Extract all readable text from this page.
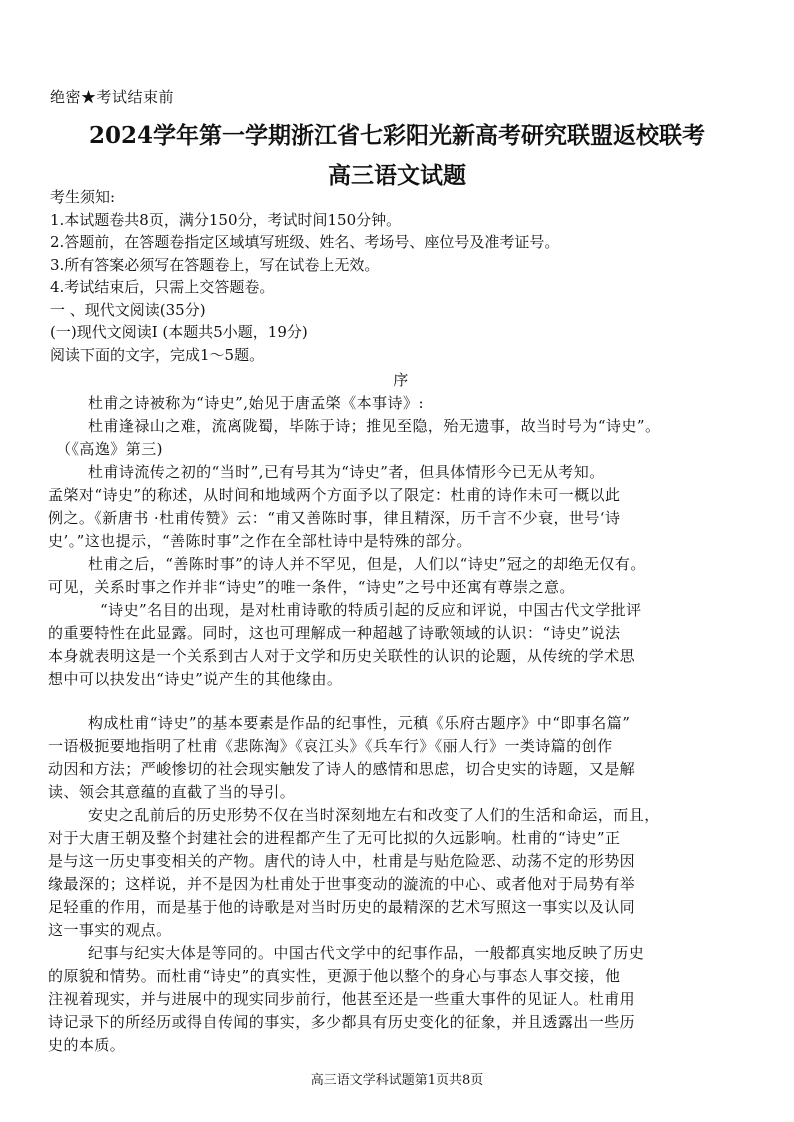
绝密★考试结束前
2024学年第一学期浙江省七彩阳光新高考研究联盟返校联考
高三语文试题
考生须知:
1.本试题卷共8页，满分150分，考试时间150分钟。
2.答题前，在答题卷指定区域填写班级、姓名、考场号、座位号及准考证号。
3.所有答案必须写在答题卷上，写在试卷上无效。
4.考试结束后，只需上交答题卷。
一 、现代文阅读(35分)
(一)现代文阅读I (本题共5小题，19分)
阅读下面的文字，完成1～5题。
序
杜甫之诗被称为“诗史”,始见于唐孟棨《本事诗》:
杜甫逢禄山之难，流离陇蜀，毕陈于诗；推见至隐，殆无遗事，故当时号为“诗史”。
（《高逸》第三)
杜甫诗流传之初的“当时”,已有号其为“诗史”者，但具体情形今已无从考知。
孟棨对“诗史”的称述，从时间和地域两个方面予以了限定：杜甫的诗作未可一概以此
例之。《新唐书 ·杜甫传赞》云：“甫又善陈时事，律且精深，历千言不少衰，世号‘诗
史’。”这也提示，“善陈时事”之作在全部杜诗中是特殊的部分。
杜甫之后，“善陈时事”的诗人并不罕见，但是，人们以“诗史”冠之的却绝无仅有。
可见，关系时事之作并非“诗史”的唯一条件，“诗史”之号中还寓有尊崇之意。
“诗史”名目的出现，是对杜甫诗歌的特质引起的反应和评说，中国古代文学批评
的重要特性在此显露。同时，这也可理解成一种超越了诗歌领域的认识：“诗史”说法
本身就表明这是一个关系到古人对于文学和历史关联性的认识的论题，从传统的学术思
想中可以抉发出“诗史”说产生的其他缘由。
构成杜甫“诗史”的基本要素是作品的纪事性，元稹《乐府古题序》中“即事名篇”
一语极扼要地指明了杜甫《悲陈淘》《哀江头》《兵车行》《丽人行》一类诗篇的创作
动因和方法；严峻惨切的社会现实触发了诗人的感情和思虑，切合史实的诗题，又是解
读、领会其意蕴的直截了当的导引。
安史之乱前后的历史形势不仅在当时深刻地左右和改变了人们的生活和命运，而且，
对于大唐王朝及整个封建社会的进程都产生了无可比拟的久远影响。杜甫的“诗史”正
是与这一历史事变相关的产物。唐代的诗人中，杜甫是与贴危险恶、动荡不定的形势因
缘最深的；这样说，并不是因为杜甫处于世事变动的漩流的中心、或者他对于局势有举
足轻重的作用，而是基于他的诗歌是对当时历史的最精深的艺术写照这一事实以及认同
这一事实的观点。
纪事与纪实大体是等同的。中国古代文学中的纪事作品，一般都真实地反映了历史
的原貌和情势。而杜甫“诗史”的真实性，更源于他以整个的身心与事态人事交接，他
注视着现实，并与进展中的现实同步前行，他甚至还是一些重大事件的见证人。杜甫用
诗记录下的所经历或得自传闻的事实，多少都具有历史变化的征象，并且透露出一些历
史的本质。
高三语文学科试题第1页共8页
